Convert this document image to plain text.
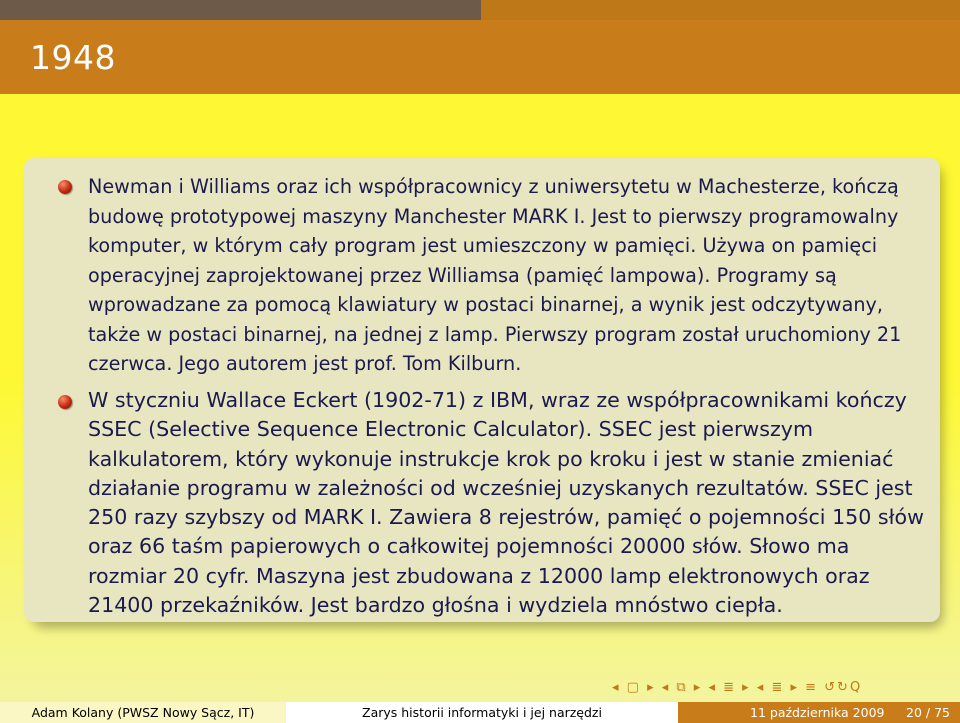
1948

Newman i Williams oraz ich współpracownicy z uniwersytetu w Machesterze, kończą budowę prototypowej maszyny Manchester MARK I. Jest to pierwszy programowalny komputer, w którym cały program jest umieszczony w pamięci. Używa on pamięci operacyjnej zaprojektowanej przez Williamsa (pamięć lampowa). Programy są wprowadzane za pomocą klawiatury w postaci binarnej, a wynik jest odczytywany, także w postaci binarnej, na jednej z lamp. Pierwszy program został uruchomiony 21 czerwca. Jego autorem jest prof. Tom Kilburn.

W styczniu Wallace Eckert (1902-71) z IBM, wraz ze współpracownikami kończy SSEC (Selective Sequence Electronic Calculator). SSEC jest pierwszym kalkulatorem, który wykonuje instrukcje krok po kroku i jest w stanie zmieniać działanie programu w zależności od wcześniej uzyskanych rezultatów. SSEC jest 250 razy szybszy od MARK I. Zawiera 8 rejestrów, pamięć o pojemności 150 słów oraz 66 taśm papierowych o całkowitej pojemności 20000 słów. Słowo ma rozmiar 20 cyfr. Maszyna jest zbudowana z 12000 lamp elektronowych oraz 21400 przekaźników. Jest bardzo głośna i wydziela mnóstwo ciepła.

◂ ▢ ▸ ◂ ⧉ ▸ ◂ ≣ ▸ ◂ ≣ ▸ ≡ ↺↻Q
Adam Kolany (PWSZ Nowy Sącz, IT)	Zarys historii informatyki i jej narzędzi	11 października 2009 20 / 75
